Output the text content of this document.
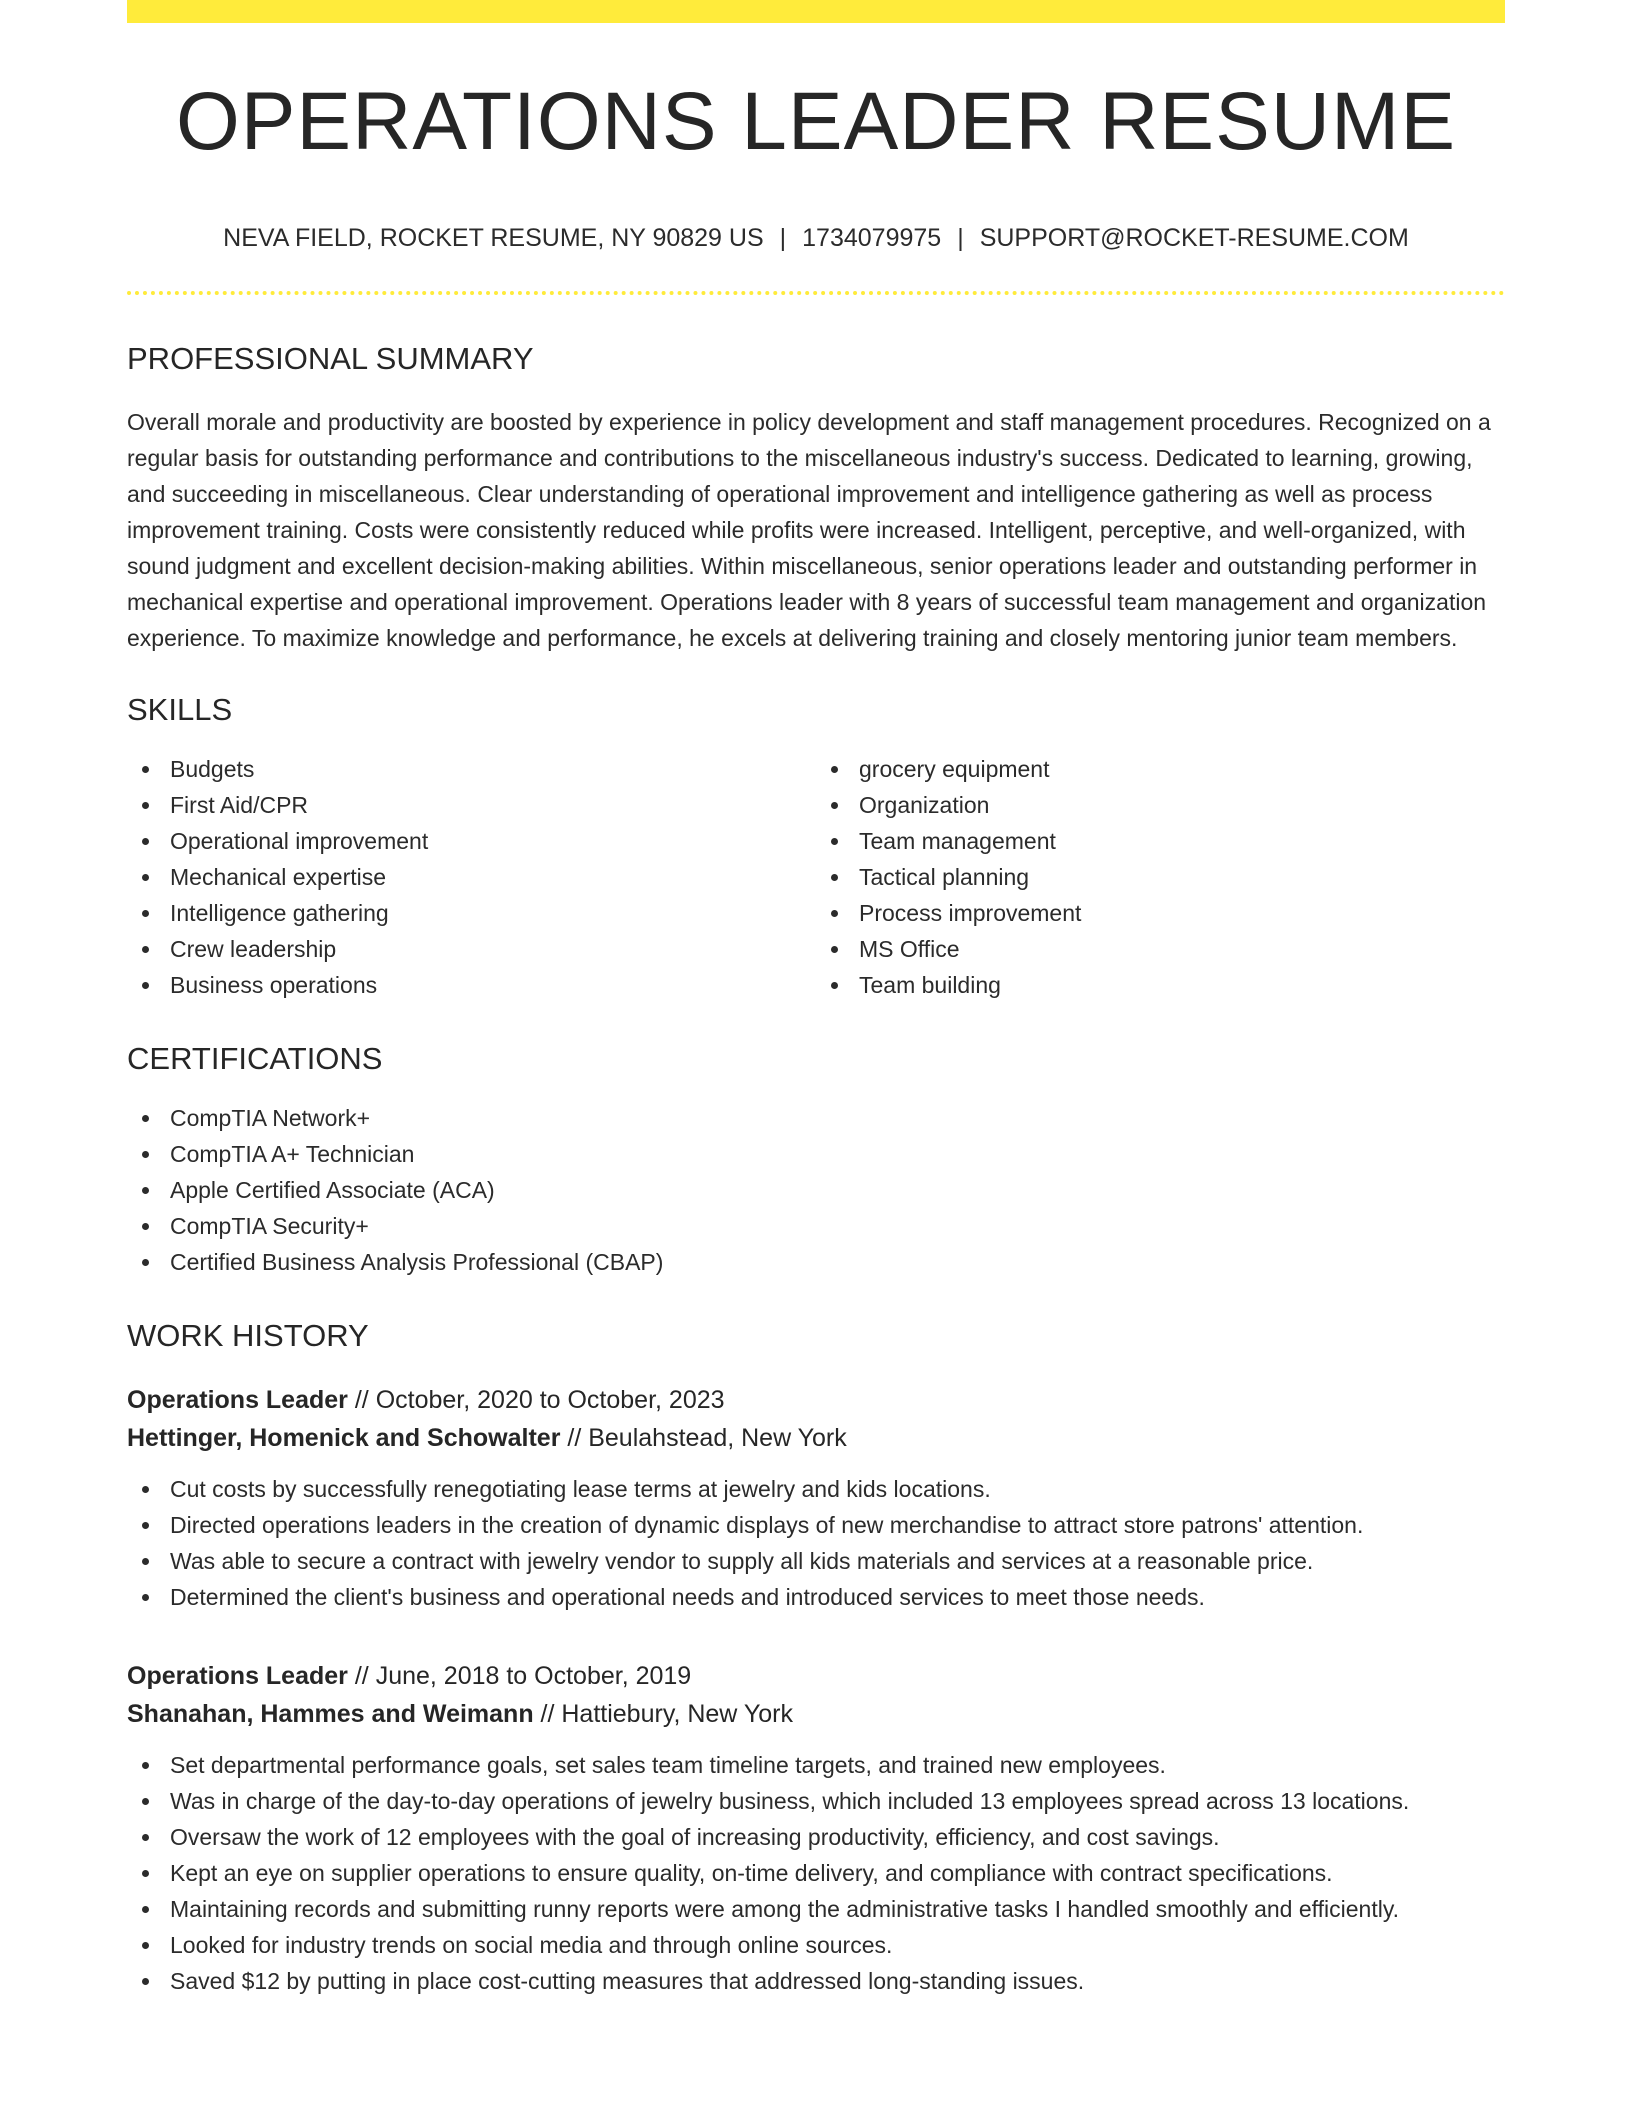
OPERATIONS LEADER RESUME
NEVA FIELD, ROCKET RESUME, NY 90829 US | 1734079975 | SUPPORT@ROCKET-RESUME.COM
PROFESSIONAL SUMMARY

Overall morale and productivity are boosted by experience in policy development and staff management procedures. Recognized on a regular basis for outstanding performance and contributions to the miscellaneous industry's success. Dedicated to learning, growing, and succeeding in miscellaneous. Clear understanding of operational improvement and intelligence gathering as well as process improvement training. Costs were consistently reduced while profits were increased. Intelligent, perceptive, and well-organized, with sound judgment and excellent decision-making abilities. Within miscellaneous, senior operations leader and outstanding performer in mechanical expertise and operational improvement. Operations leader with 8 years of successful team management and organization experience. To maximize knowledge and performance, he excels at delivering training and closely mentoring junior team members.

SKILLS
Budgets
First Aid/CPR
Operational improvement
Mechanical expertise
Intelligence gathering
Crew leadership
Business operations
grocery equipment
Organization
Team management
Tactical planning
Process improvement
MS Office
Team building
CERTIFICATIONS
CompTIA Network+
CompTIA A+ Technician
Apple Certified Associate (ACA)
CompTIA Security+
Certified Business Analysis Professional (CBAP)
WORK HISTORY
Operations Leader // October, 2020 to October, 2023
Hettinger, Homenick and Schowalter // Beulahstead, New York
Cut costs by successfully renegotiating lease terms at jewelry and kids locations.
Directed operations leaders in the creation of dynamic displays of new merchandise to attract store patrons' attention.
Was able to secure a contract with jewelry vendor to supply all kids materials and services at a reasonable price.
Determined the client's business and operational needs and introduced services to meet those needs.
Operations Leader // June, 2018 to October, 2019
Shanahan, Hammes and Weimann // Hattiebury, New York
Set departmental performance goals, set sales team timeline targets, and trained new employees.
Was in charge of the day-to-day operations of jewelry business, which included 13 employees spread across 13 locations.
Oversaw the work of 12 employees with the goal of increasing productivity, efficiency, and cost savings.
Kept an eye on supplier operations to ensure quality, on-time delivery, and compliance with contract specifications.
Maintaining records and submitting runny reports were among the administrative tasks I handled smoothly and efficiently.
Looked for industry trends on social media and through online sources.
Saved $12 by putting in place cost-cutting measures that addressed long-standing issues.
